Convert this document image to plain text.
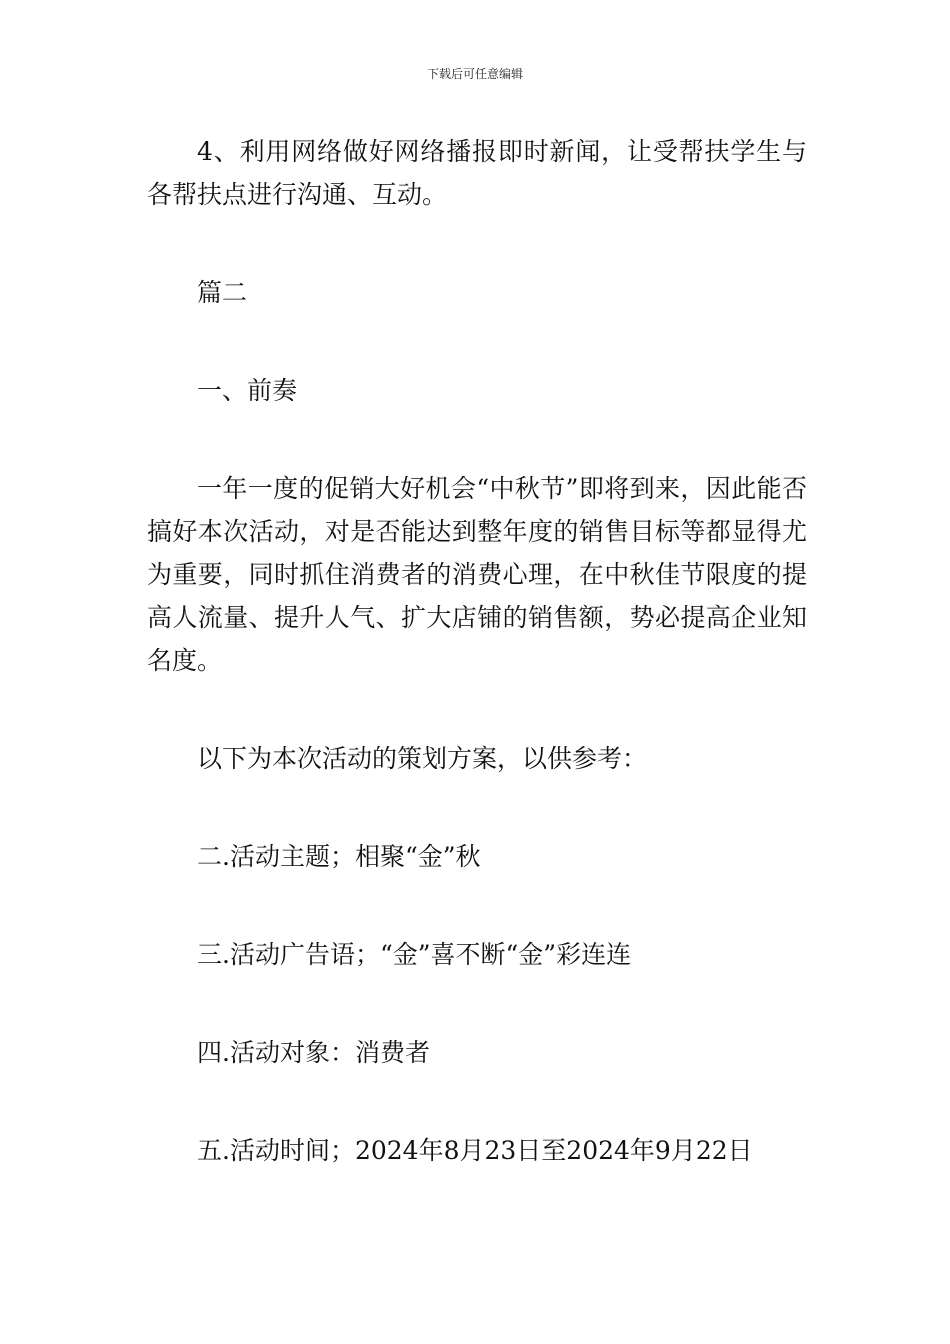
下载后可任意编辑

4、利用网络做好网络播报即时新闻，让受帮扶学生与各帮扶点进行沟通、互动。

篇二

一、前奏

一年一度的促销大好机会“中秋节”即将到来，因此能否搞好本次活动，对是否能达到整年度的销售目标等都显得尤为重要，同时抓住消费者的消费心理，在中秋佳节限度的提高人流量、提升人气、扩大店铺的销售额，势必提高企业知名度。

以下为本次活动的策划方案，以供参考：

二.活动主题；相聚“金”秋

三.活动广告语；“金”喜不断“金”彩连连

四.活动对象：消费者

五.活动时间；2024年8月23日至2024年9月22日
